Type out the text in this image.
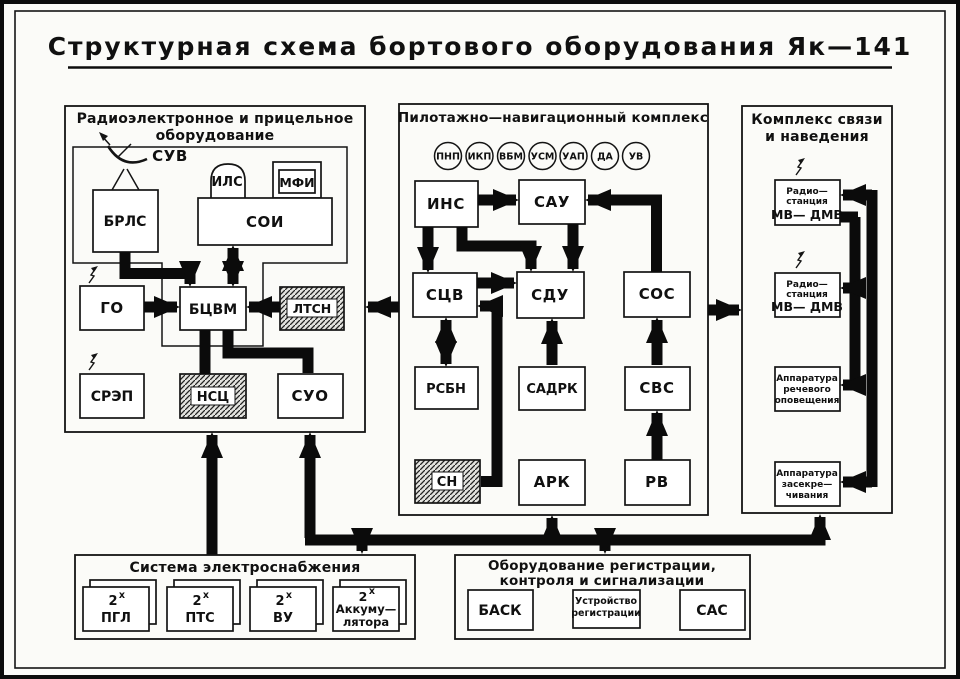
Структурная схема бортового оборудования Як—141
Радиоэлектронное и прицельное
оборудование
СУВ
БРЛС
ИЛС	МФИ
СОИ
ГО	БЦВМ	ЛТСН
СРЭП	НСЦ	СУО
Пилотажно—навигационный комплекс
ПНП ИКП ВБМ УСМ УАП ДА УВ
ИНС	САУ
СЦВ	СДУ	СОС
РСБН	САДРК	СВС
СН	АРК	РВ
Комплекс связи
и наведения
Радио—
станция
МВ— ДМВ
Радио—
станция
МВ— ДМВ
Аппаратура
речевого
оповещения
Аппаратура
засекре—
чивания
Система электроснабжения
2 х
ПГЛ
2 х
ПТС
2 х
ВУ
2 х
Аккуму—
лятора
Оборудование регистрации,
контроля и сигнализации
БАСК
Устройство
регистрации	САС
